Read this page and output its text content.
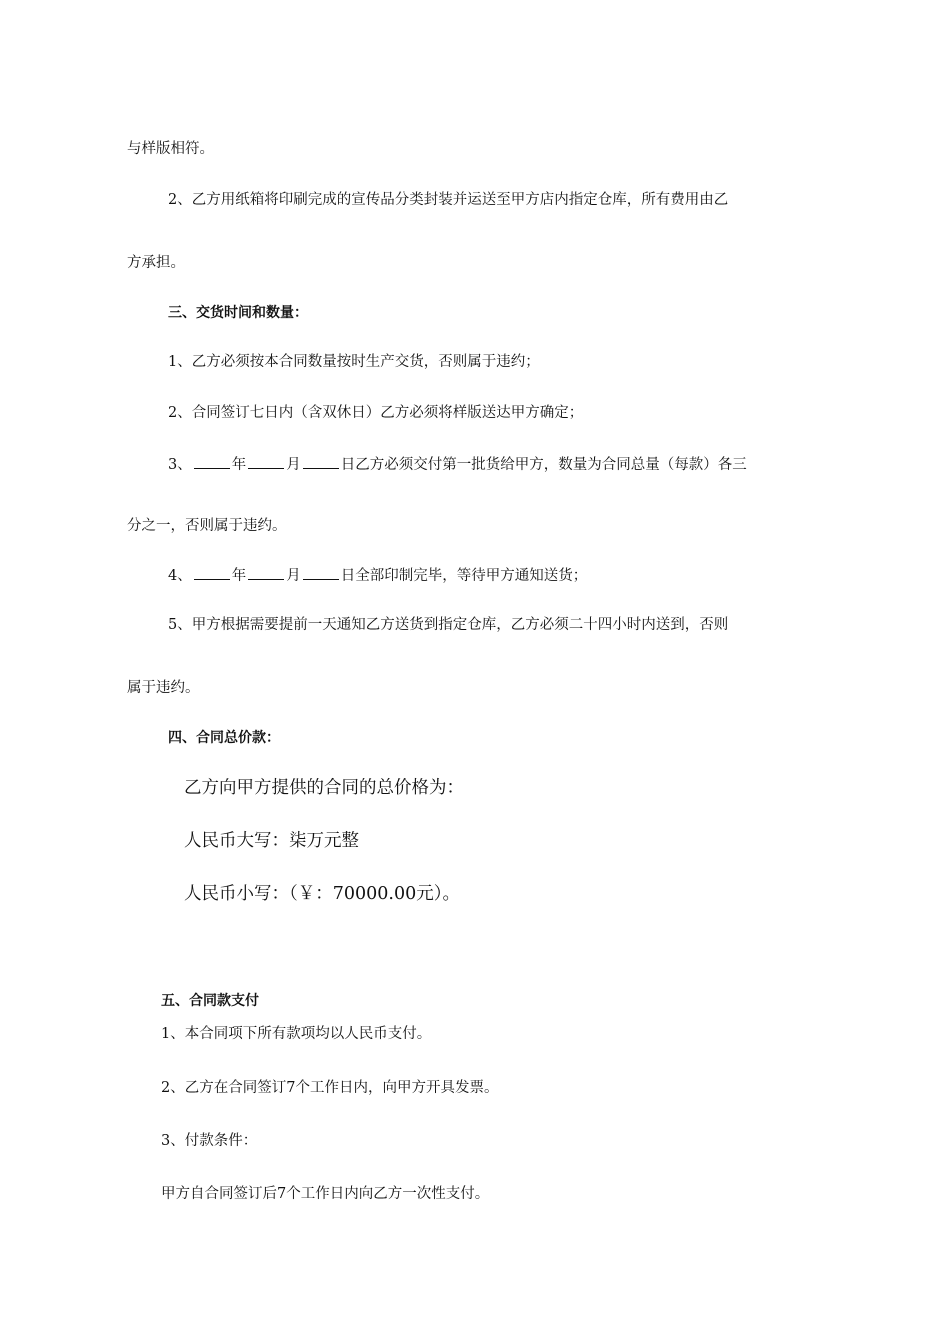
与样版相符。
2、乙方用纸箱将印刷完成的宣传品分类封装并运送至甲方店内指定仓库，所有费用由乙
方承担。
三、交货时间和数量：
1、乙方必须按本合同数量按时生产交货，否则属于违约；
2、合同签订七日内（含双休日）乙方必须将样版送达甲方确定；
3、	年	月	日乙方必须交付第一批货给甲方，数量为合同总量（每款）各三
分之一，否则属于违约。
4、	年	月	日全部印制完毕，等待甲方通知送货；
5、甲方根据需要提前一天通知乙方送货到指定仓库，乙方必须二十四小时内送到，否则
属于违约。
四、合同总价款：
乙方向甲方提供的合同的总价格为：
人民币大写：柒万元整
人民币小写：（￥：70000.00元）。
五、合同款支付
1、本合同项下所有款项均以人民币支付。
2、乙方在合同签订7个工作日内，向甲方开具发票。
3、付款条件：
甲方自合同签订后7个工作日内向乙方一次性支付。
